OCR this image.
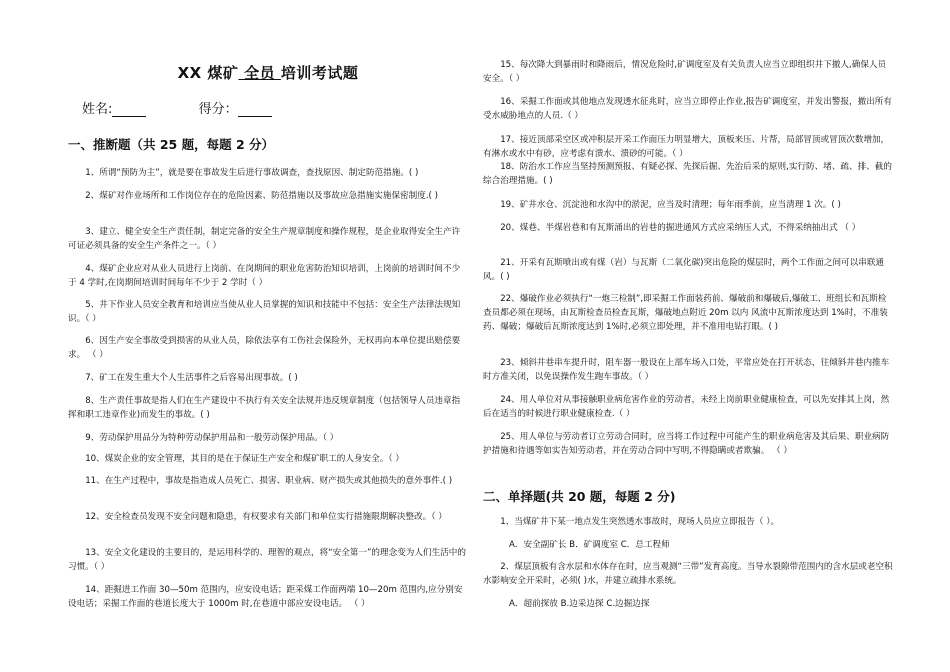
XX 煤矿 全员 培训考试题
姓名:	得分：
一、推断题（共 25 题，每题 2 分）
1、所谓“预防为主”，就是要在事故发生后进行事故调查，查找原因、制定防范措施。( )
2、煤矿对作业场所和工作岗位存在的危险因素、防范措施以及事故应急措施实施保密制度.( )
3、建立、健全安全生产责任制，制定完备的安全生产规章制度和操作规程，是企业取得安全生产许可证必须具备的安全生产条件之一。（ ）
4、煤矿企业应对从业人员进行上岗前、在岗期间的职业危害防治知识培训，上岗前的培训时间不少于 4 学时,在岗期间培训时间每年不少于 2 学时（ ）
5、井下作业人员安全教育和培训应当使从业人员掌握的知识和技能中不包括：安全生产法律法规知识。（ ）
6、因生产安全事故受到损害的从业人员，除依法享有工伤社会保险外，无权再向本单位提出赔偿要求。 （ ）
7、矿工在发生重大个人生活事件之后容易出现事故。( )
8、生产责任事故是指人们在生产建设中不执行有关安全法规并违反规章制度（包括领导人员违章指挥和职工违章作业)而发生的事故。( )
9、劳动保护用品分为特种劳动保护用品和一般劳动保护用品。（ ）
10、煤炭企业的安全管理，其目的是在于保证生产安全和煤矿职工的人身安全。（ ）
11、在生产过程中，事故是指造成人员死亡、损害、职业病、财产损失或其他损失的意外事件.( )
12、安全检查员发现不安全问题和隐患，有权要求有关部门和单位实行措施限期解决整改。（ ）
13、安全文化建设的主要目的，是运用科学的、理智的观点，将“安全第一”的理念变为人们生活中的习惯。（ ）
14、距掘进工作面 30—50m 范围内，应安设电话；距采煤工作面两端 10—20m 范围内,应分别安设电话；采掘工作面的巷道长度大于 1000m 时,在巷道中部应安设电话。 （ ）
15、每次降大到暴雨时和降雨后，情况危险时,矿调度室及有关负责人应当立即组织井下撤人,确保人员安全。（ ）
16、采掘工作面或其他地点发现透水征兆时，应当立即停止作业,报告矿调度室，并发出警报，撤出所有受水威胁地点的人员.（ ）
17、接近顶部采空区或冲积层开采工作面压力明显增大，顶板来压、片帮，局部冒顶或冒顶次数增加，有淋水或水中有砂，应考虑有溃水、溃砂的可能。（ ）
18、防治水工作应当坚持预测预报、有疑必探、先探后掘、先治后采的原则,实行防、堵、疏、排、截的综合治理措施。( )
19、矿井水仓、沉淀池和水沟中的淤泥，应当及时清理；每年雨季前，应当清理 1 次。( )
20、煤巷、半煤岩巷和有瓦斯涌出的岩巷的掘进通风方式应采纳压人式，不得采纳抽出式 （ ）
21、开采有瓦斯喷出或有煤（岩）与瓦斯（二氧化碳)突出危险的煤层时，两个工作面之间可以串联通风。( )
22、爆破作业必须执行“一炮三检制”,即采掘工作面装药前、爆破前和爆破后,爆破工、班组长和瓦斯检查员都必须在现场，由瓦斯检查员检查瓦斯，爆破地点附近 20m 以内 风流中瓦斯浓度达到 1%时，不准装药、爆破；爆破后瓦斯浓度达到 1%时,必须立即处理，并不准用电钻打眼。( )
23、倾斜井巷串车提升时，阻车器一般设在上部车场入口处，平常应处在打开状态，往倾斜井巷内推车时方准关闭，以免误操作发生跑车事故。（ ）
24、用人单位对从事接触职业病危害作业的劳动者，未经上岗前职业健康检查，可以先安排其上岗，然后在适当的时候进行职业健康检查.（ ）
25、用人单位与劳动者订立劳动合同时，应当将工作过程中可能产生的职业病危害及其后果、职业病防护措施和待遇等如实告知劳动者，并在劳动合同中写明,不得隐瞒或者欺骗。 （ ）
二、单择题(共 20 题，每题 2 分)
1、当煤矿井下某一地点发生突然透水事故时，现场人员应立即报告（ ）。
A．安全副矿长 B．矿调度室 C．总工程师
2、煤层顶板有含水层和水体存在时，应当观测“三带”发育高度。当导水裂隙带范围内的含水层或老空积水影响安全开采时，必须( )水，并建立疏排水系统。
A．超前探放 B.边采边探 C.边掘边探
